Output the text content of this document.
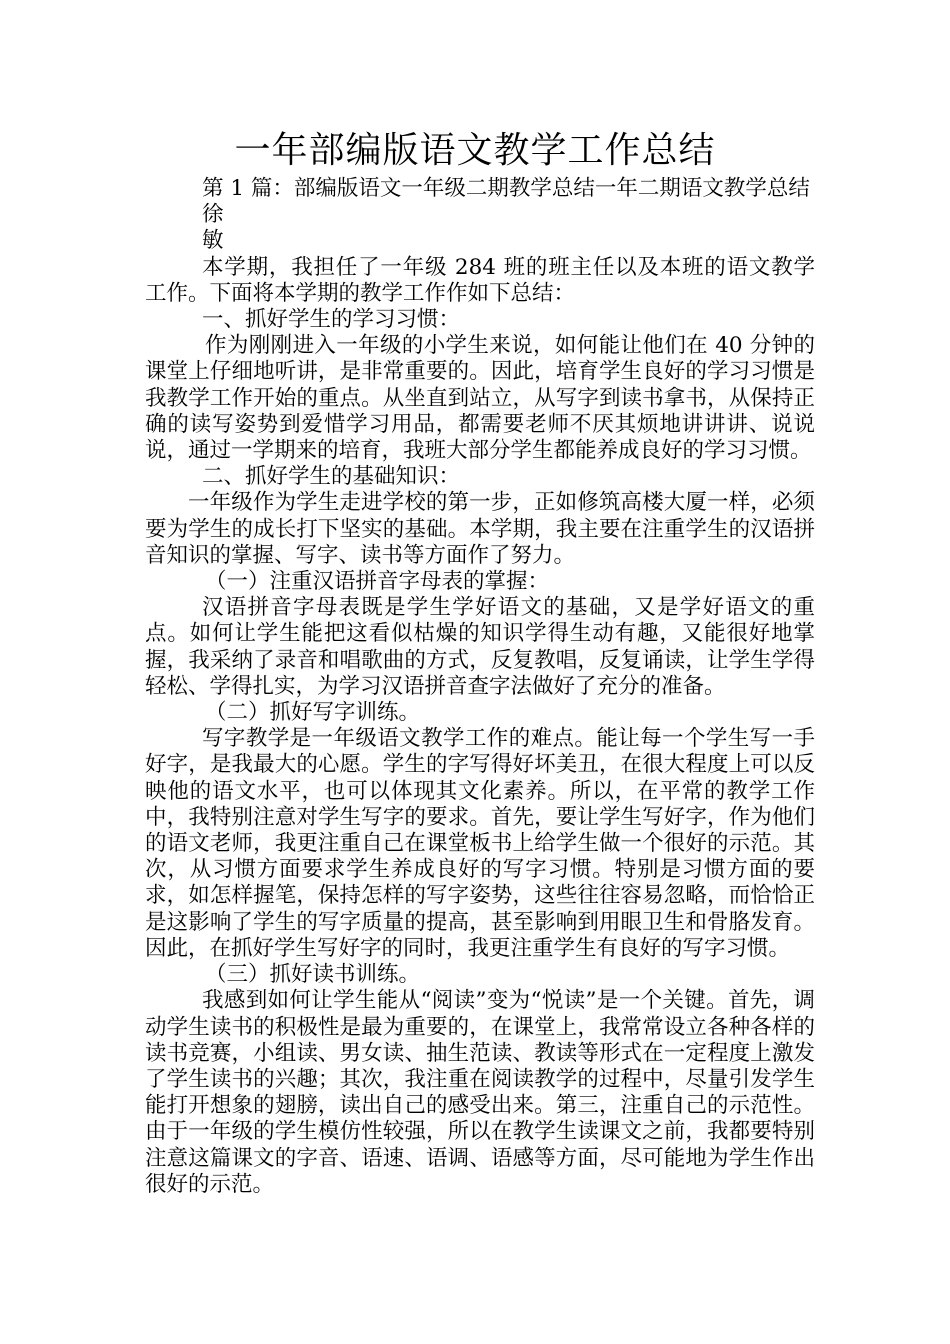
一年部编版语文教学工作总结

第 1 篇：部编版语文一年级二期教学总结一年二期语文教学总结

徐

敏

本学期，我担任了一年级 284 班的班主任以及本班的语文教学工作。下面将本学期的教学工作作如下总结：

一、抓好学生的学习习惯：

作为刚刚进入一年级的小学生来说，如何能让他们在 40 分钟的课堂上仔细地听讲，是非常重要的。因此，培育学生良好的学习习惯是我教学工作开始的重点。从坐直到站立，从写字到读书拿书，从保持正确的读写姿势到爱惜学习用品，都需要老师不厌其烦地讲讲讲、说说说，通过一学期来的培育，我班大部分学生都能养成良好的学习习惯。

二、抓好学生的基础知识：

一年级作为学生走进学校的第一步，正如修筑高楼大厦一样，必须要为学生的成长打下坚实的基础。本学期，我主要在注重学生的汉语拼音知识的掌握、写字、读书等方面作了努力。

（一）注重汉语拼音字母表的掌握：

汉语拼音字母表既是学生学好语文的基础，又是学好语文的重点。如何让学生能把这看似枯燥的知识学得生动有趣，又能很好地掌握，我采纳了录音和唱歌曲的方式，反复教唱，反复诵读，让学生学得轻松、学得扎实，为学习汉语拼音查字法做好了充分的准备。

（二）抓好写字训练。

写字教学是一年级语文教学工作的难点。能让每一个学生写一手好字，是我最大的心愿。学生的字写得好坏美丑，在很大程度上可以反映他的语文水平，也可以体现其文化素养。所以，在平常的教学工作中，我特别注意对学生写字的要求。首先，要让学生写好字，作为他们的语文老师，我更注重自己在课堂板书上给学生做一个很好的示范。其次，从习惯方面要求学生养成良好的写字习惯。特别是习惯方面的要求，如怎样握笔，保持怎样的写字姿势，这些往往容易忽略，而恰恰正是这影响了学生的写字质量的提高，甚至影响到用眼卫生和骨胳发育。因此，在抓好学生写好字的同时，我更注重学生有良好的写字习惯。

（三）抓好读书训练。

我感到如何让学生能从“阅读”变为“悦读”是一个关键。首先，调动学生读书的积极性是最为重要的，在课堂上，我常常设立各种各样的读书竞赛，小组读、男女读、抽生范读、教读等形式在一定程度上激发了学生读书的兴趣；其次，我注重在阅读教学的过程中，尽量引发学生能打开想象的翅膀，读出自己的感受出来。第三，注重自己的示范性。由于一年级的学生模仿性较强，所以在教学生读课文之前，我都要特别注意这篇课文的字音、语速、语调、语感等方面，尽可能地为学生作出很好的示范。
